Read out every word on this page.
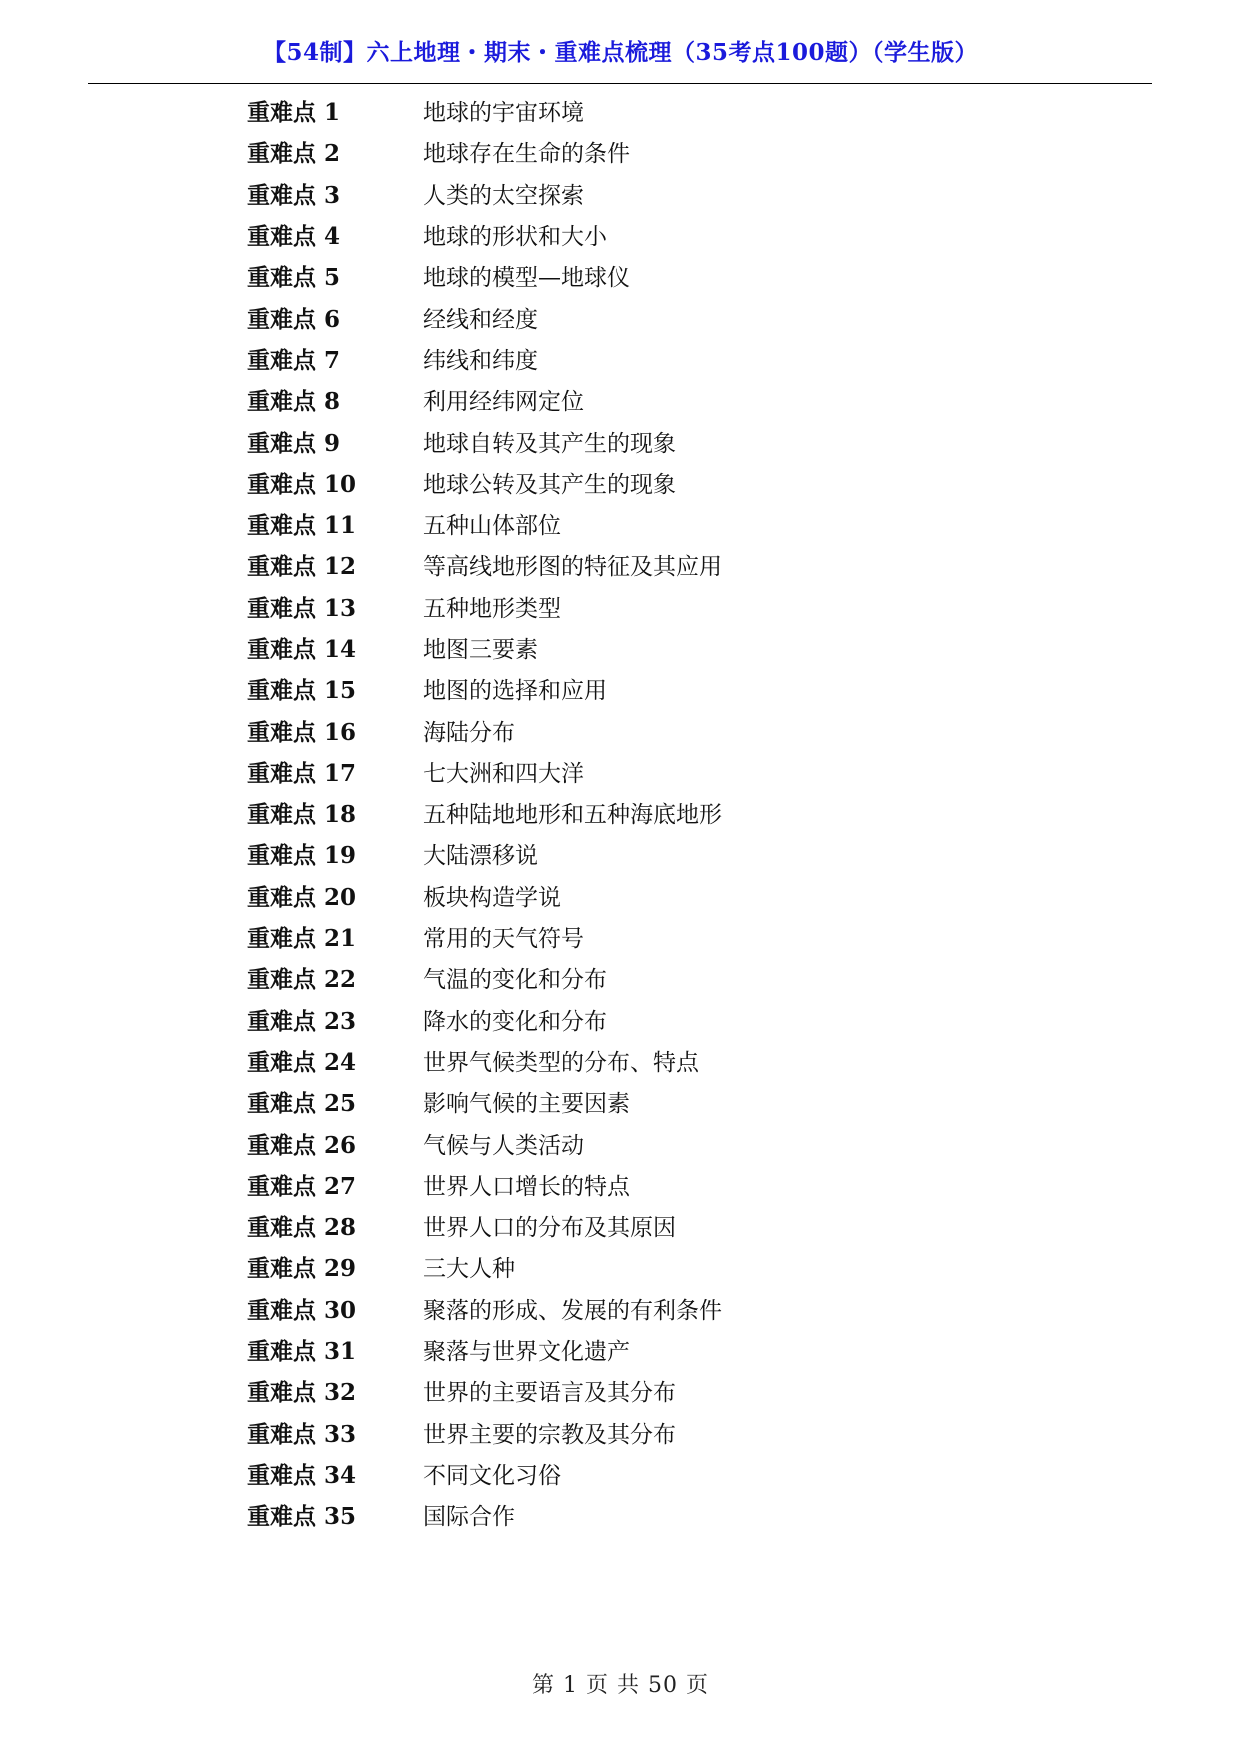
【54制】六上地理・期末・重难点梳理（35考点100题）（学生版）
重难点 1	地球的宇宙环境
重难点 2	地球存在生命的条件
重难点 3	人类的太空探索
重难点 4	地球的形状和大小
重难点 5	地球的模型—地球仪
重难点 6	经线和经度
重难点 7	纬线和纬度
重难点 8	利用经纬网定位
重难点 9	地球自转及其产生的现象
重难点 10	地球公转及其产生的现象
重难点 11	五种山体部位
重难点 12	等高线地形图的特征及其应用
重难点 13	五种地形类型
重难点 14	地图三要素
重难点 15	地图的选择和应用
重难点 16	海陆分布
重难点 17	七大洲和四大洋
重难点 18	五种陆地地形和五种海底地形
重难点 19	大陆漂移说
重难点 20	板块构造学说
重难点 21	常用的天气符号
重难点 22	气温的变化和分布
重难点 23	降水的变化和分布
重难点 24	世界气候类型的分布、特点
重难点 25	影响气候的主要因素
重难点 26	气候与人类活动
重难点 27	世界人口增长的特点
重难点 28	世界人口的分布及其原因
重难点 29	三大人种
重难点 30	聚落的形成、发展的有利条件
重难点 31	聚落与世界文化遗产
重难点 32	世界的主要语言及其分布
重难点 33	世界主要的宗教及其分布
重难点 34	不同文化习俗
重难点 35	国际合作
第 1 页 共 50 页
